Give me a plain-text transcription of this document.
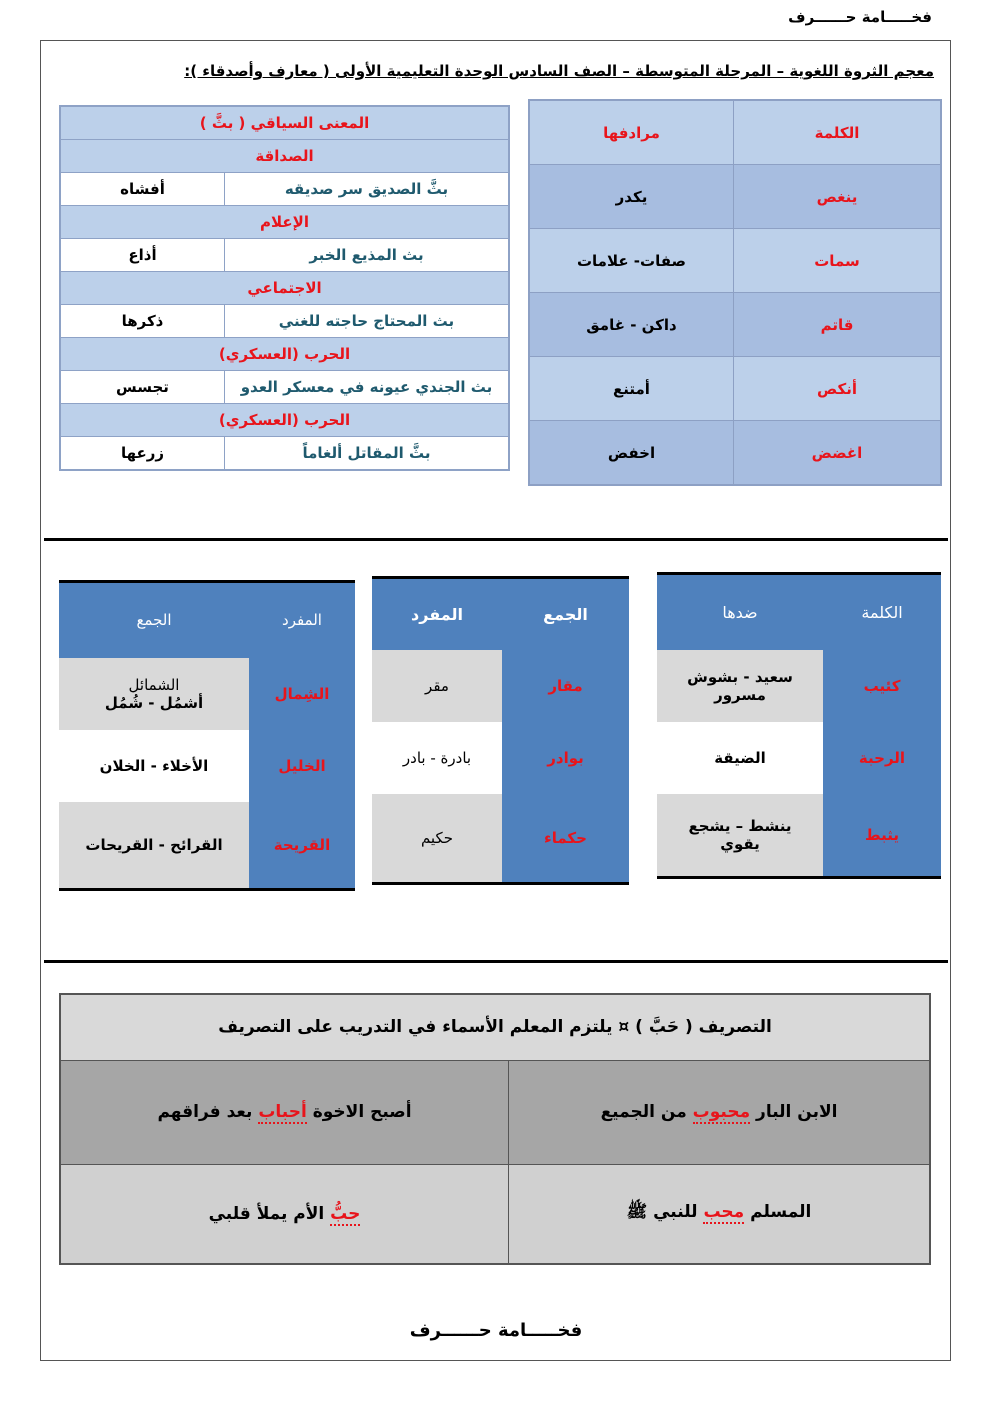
فخـــــامة حــــــرف
معجم الثروة اللغوية – المرحلة المتوسطة – الصف السادس الوحدة التعليمية الأولى ( معارف وأصدقاء ):
الكلمة	مرادفها
ينغص	يكدر
سمات	صفات- علامات
قاتم	داكن - غامق
أنكص	أمتنع
اغضض	اخفض
المعنى السياقي ( بثَّ )	
الصداقة	
بثَّ الصديق سر صديقه	أفشاه
الإعلام	
بث المذيع الخبر	أذاع
الاجتماعي	
بث المحتاج حاجته للغني	ذكرها
الحرب (العسكري)	
بث الجندي عيونه في معسكر العدو	تجسس
الحرب (العسكري)	
بثَّ المقاتل ألغاماً	زرعها
الكلمة	ضدها
كئيب	سعيد - بشوش
مسرور

الرحبة	الضيقة
يثبط	ينشط – يشجع
يقوي
الجمع	المفرد
مقار	مقر
بوادر	بادرة - بادر
حكماء	حكيم
المفرد	الجمع
الشِمال	الشمائل
أشمُل - شُمُل

الخليل	الأخلاء - الخلان
القريحة	القرائح - القريحات
التصريف ( حَبَّ ) ¤ يلتزم المعلم الأسماء في التدريب على التصريف	
الابن البار محبوب من الجميع	أصبح الاخوة أحباب بعد فراقهم
المسلم محب للنبي ﷺ	حبُّ الأم يملأ قلبي
فخـــــامة حــــــرف
